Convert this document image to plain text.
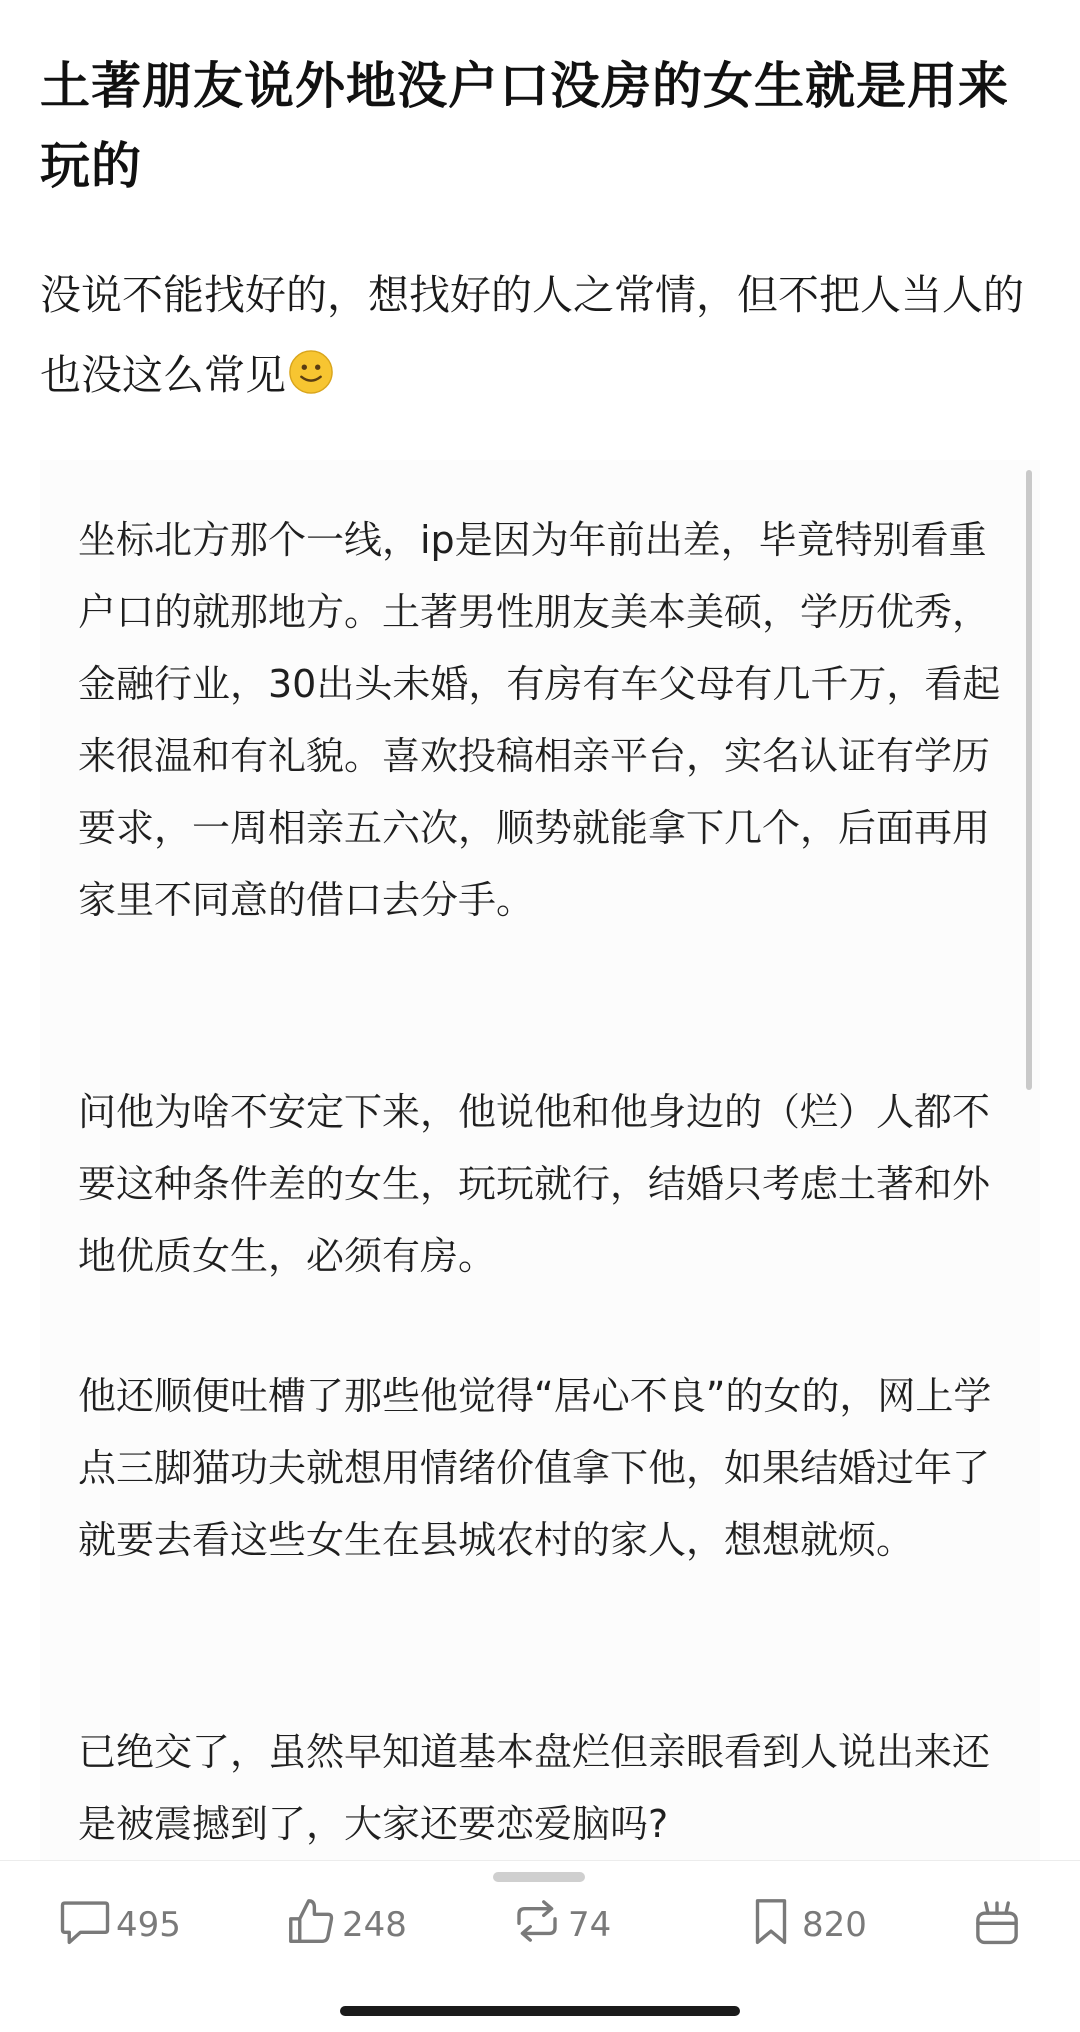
土著朋友说外地没户口没房的女生就是用来玩的
没说不能找好的，想找好的人之常情，但不把人当人的也没这么常见

坐标北方那个一线，ip是因为年前出差，毕竟特别看重户口的就那地方。土著男性朋友美本美硕，学历优秀，金融行业，30出头未婚，有房有车父母有几千万，看起来很温和有礼貌。喜欢投稿相亲平台，实名认证有学历要求，一周相亲五六次，顺势就能拿下几个，后面再用家里不同意的借口去分手。

问他为啥不安定下来，他说他和他身边的（烂）人都不要这种条件差的女生，玩玩就行，结婚只考虑土著和外地优质女生，必须有房。

他还顺便吐槽了那些他觉得“居心不良”的女的，网上学点三脚猫功夫就想用情绪价值拿下他，如果结婚过年了就要去看这些女生在县城农村的家人，想想就烦。

已绝交了，虽然早知道基本盘烂但亲眼看到人说出来还是被震撼到了，大家还要恋爱脑吗?

495	248	74	820
